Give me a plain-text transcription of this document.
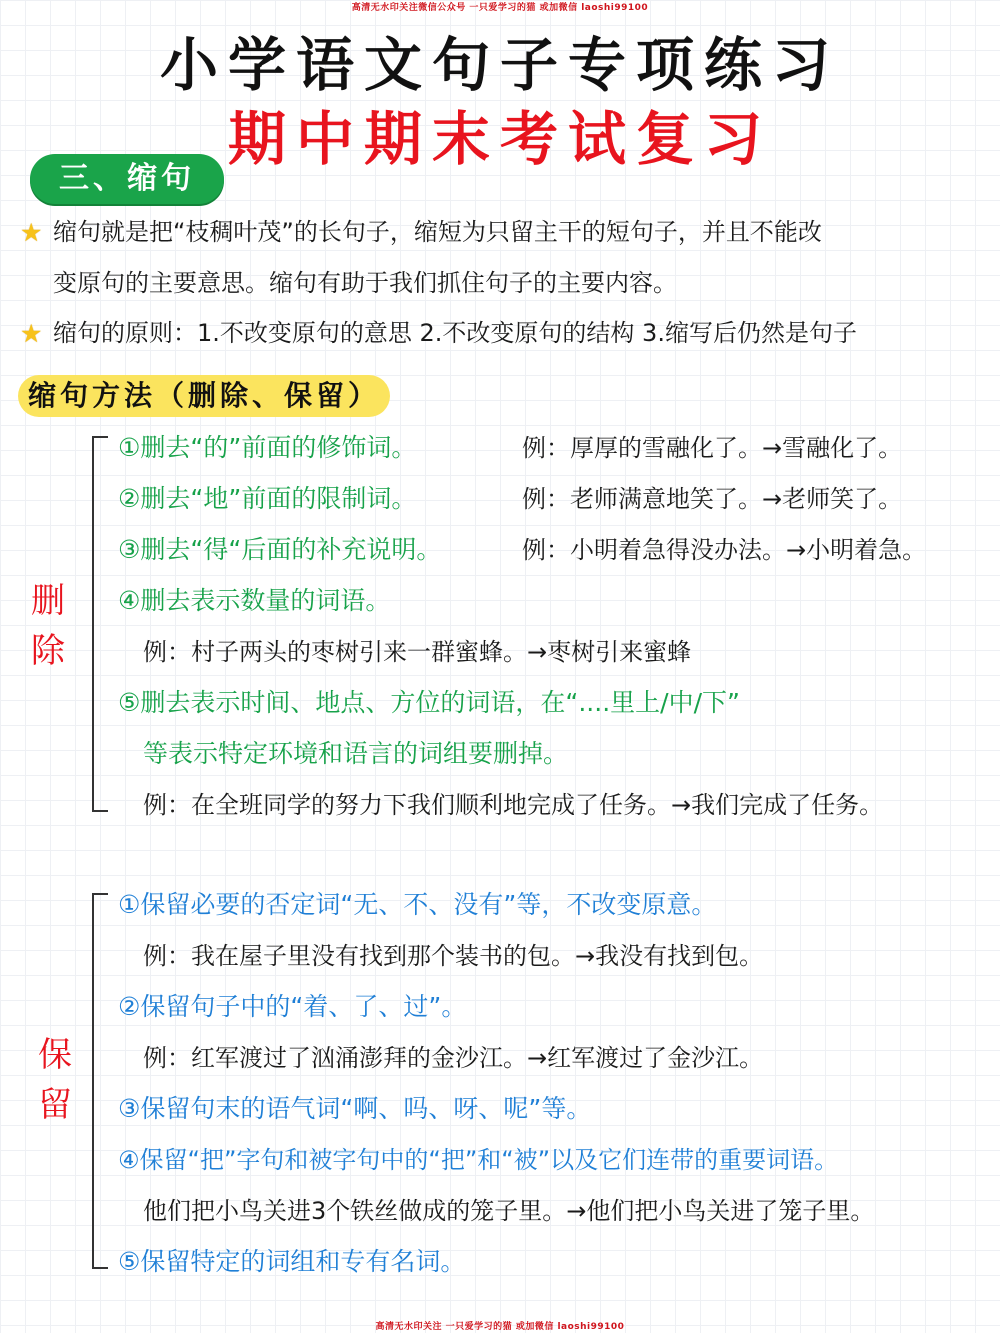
高清无水印关注微信公众号 一只爱学习的猫 或加微信 laoshi99100
高清无水印关注 一只爱学习的猫 或加微信 laoshi99100
小学语文句子专项练习
期中期末考试复习
三、缩句
★ 缩句就是把“枝稠叶茂”的长句子，缩短为只留主干的短句子，并且不能改
变原句的主要意思。缩句有助于我们抓住句子的主要内容。
★ 缩句的原则：1.不改变原句的意思 2.不改变原句的结构 3.缩写后仍然是句子
缩句方法（删除、保留）
删
除
①删去“的”前面的修饰词。	例：厚厚的雪融化了。→雪融化了。
②删去“地”前面的限制词。	例：老师满意地笑了。→老师笑了。
③删去“得“后面的补充说明。	例：小明着急得没办法。→小明着急。
④删去表示数量的词语。
例：村子两头的枣树引来一群蜜蜂。→枣树引来蜜蜂
⑤删去表示时间、地点、方位的词语，在“....里上/中/下”
等表示特定环境和语言的词组要删掉。
例：在全班同学的努力下我们顺利地完成了任务。→我们完成了任务。
保
留
①保留必要的否定词“无、不、没有”等，不改变原意。
例：我在屋子里没有找到那个装书的包。→我没有找到包。
②保留句子中的“着、了、过”。
例：红军渡过了汹涌澎拜的金沙江。→红军渡过了金沙江。
③保留句末的语气词“啊、吗、呀、呢”等。
④保留“把”字句和被字句中的“把”和“被”以及它们连带的重要词语。
他们把小鸟关进3个铁丝做成的笼子里。→他们把小鸟关进了笼子里。
⑤保留特定的词组和专有名词。
